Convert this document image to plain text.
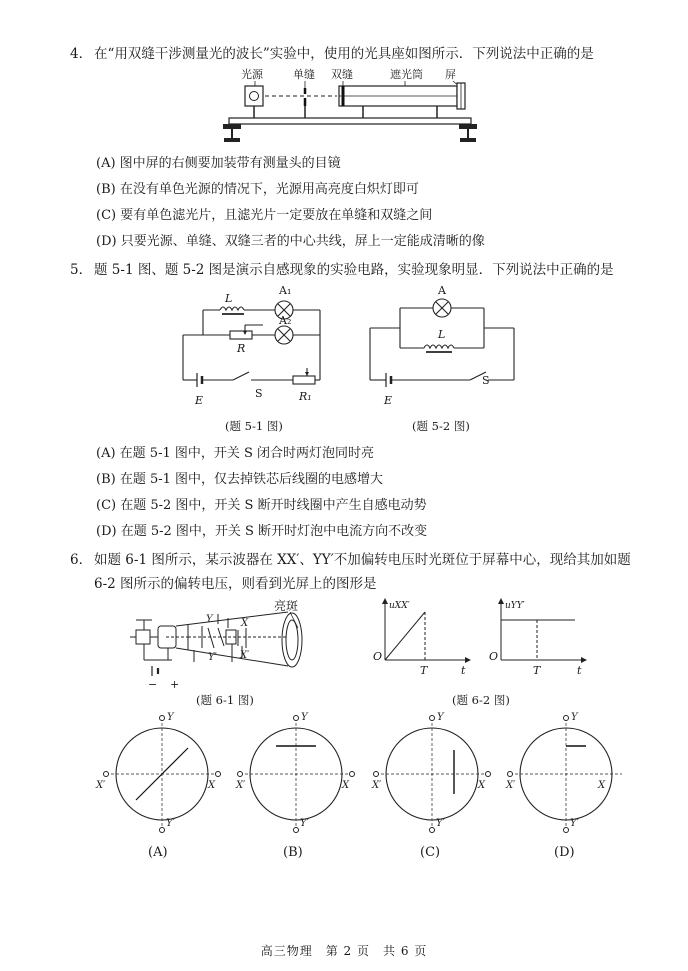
4． 在“用双缝干涉测量光的波长”实验中，使用的光具座如图所示．下列说法中正确的是
光源	单缝 双缝	遮光筒 屏
(A) 图中屏的右侧要加装带有测量头的目镜
(B) 在没有单色光源的情况下，光源用高亮度白炽灯即可
(C) 要有单色滤光片，且滤光片一定要放在单缝和双缝之间
(D) 只要光源、单缝、双缝三者的中心共线，屏上一定能成清晰的像
5． 题 5-1 图、题 5-2 图是演示自感现象的实验电路，实验现象明显．下列说法中正确的是
L
A₁
A₂
R
S
E	R₁
(题 5-1 图)
A
L
S
E
(题 5-2 图)
(A) 在题 5-1 图中，开关 S 闭合时两灯泡同时亮
(B) 在题 5-1 图中，仅去掉铁芯后线圈的电感增大
(C) 在题 5-2 图中，开关 S 断开时线圈中产生自感电动势
(D) 在题 5-2 图中，开关 S 断开时灯泡中电流方向不改变
6． 如题 6-1 图所示，某示波器在 XX′、YY′不加偏转电压时光斑位于屏幕中心，现给其加如题
6-2 图所示的偏转电压，则看到光屏上的图形是
− +
X
X′
Y
Y′
亮斑
(题 6-1 图)
uXX′	uYY′
O	O
T	T
t	t
(题 6-2 图)
Y
Y′
X′	X
Y
Y′
X′	X
Y
Y′
X′	X
Y
Y′
X′	X
(A)	(B)	(C)	(D)
高三物理　第 2 页　共 6 页
